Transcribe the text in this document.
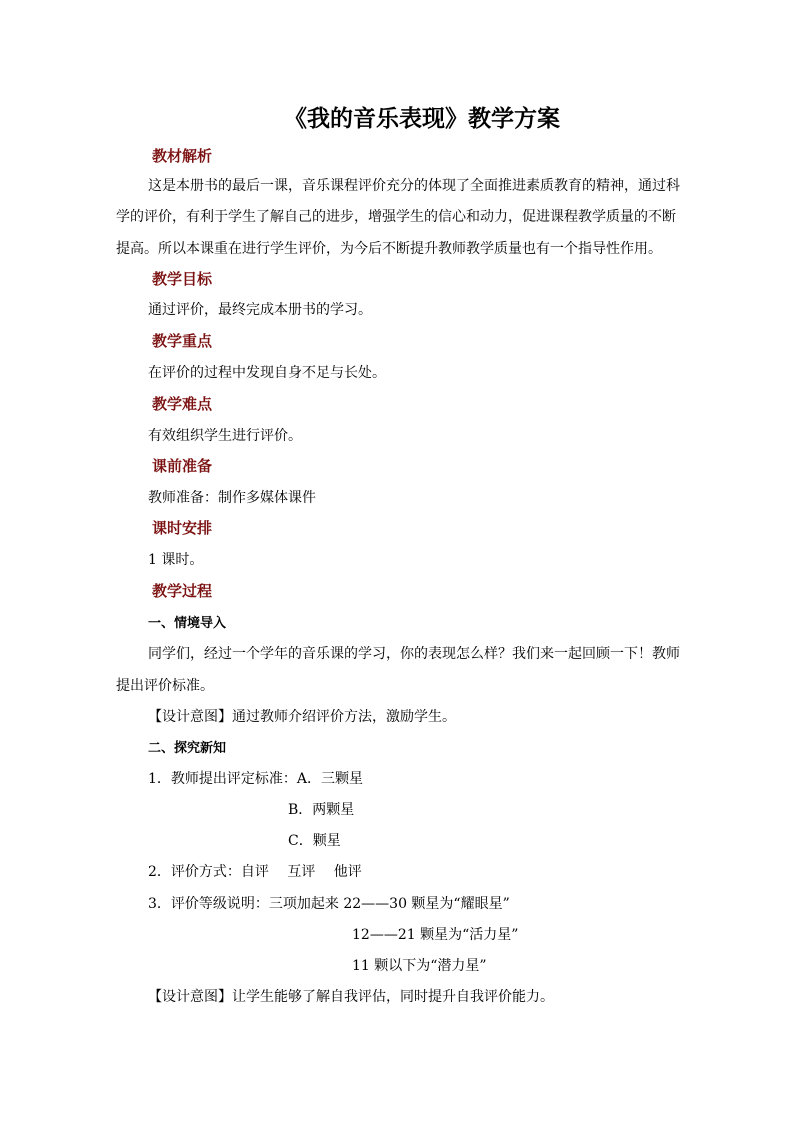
《我的音乐表现》教学方案
教材解析
这是本册书的最后一课，音乐课程评价充分的体现了全面推进素质教育的精神，通过科
学的评价，有利于学生了解自己的进步，增强学生的信心和动力，促进课程教学质量的不断
提高。所以本课重在进行学生评价，为今后不断提升教师教学质量也有一个指导性作用。
教学目标
通过评价，最终完成本册书的学习。
教学重点
在评价的过程中发现自身不足与长处。
教学难点
有效组织学生进行评价。
课前准备
教师准备：制作多媒体课件
课时安排
1 课时。
教学过程
一、情境导入
同学们，经过一个学年的音乐课的学习，你的表现怎么样？我们来一起回顾一下！教师
提出评价标准。
【设计意图】通过教师介绍评价方法，激励学生。
二、探究新知
1．教师提出评定标准：A．三颗星
B．两颗星
C．颗星
2．评价方式：自评　 互评　 他评
3．评价等级说明：三项加起来 22——30 颗星为“耀眼星”
12——21 颗星为“活力星”
11 颗以下为“潜力星”
【设计意图】让学生能够了解自我评估，同时提升自我评价能力。
